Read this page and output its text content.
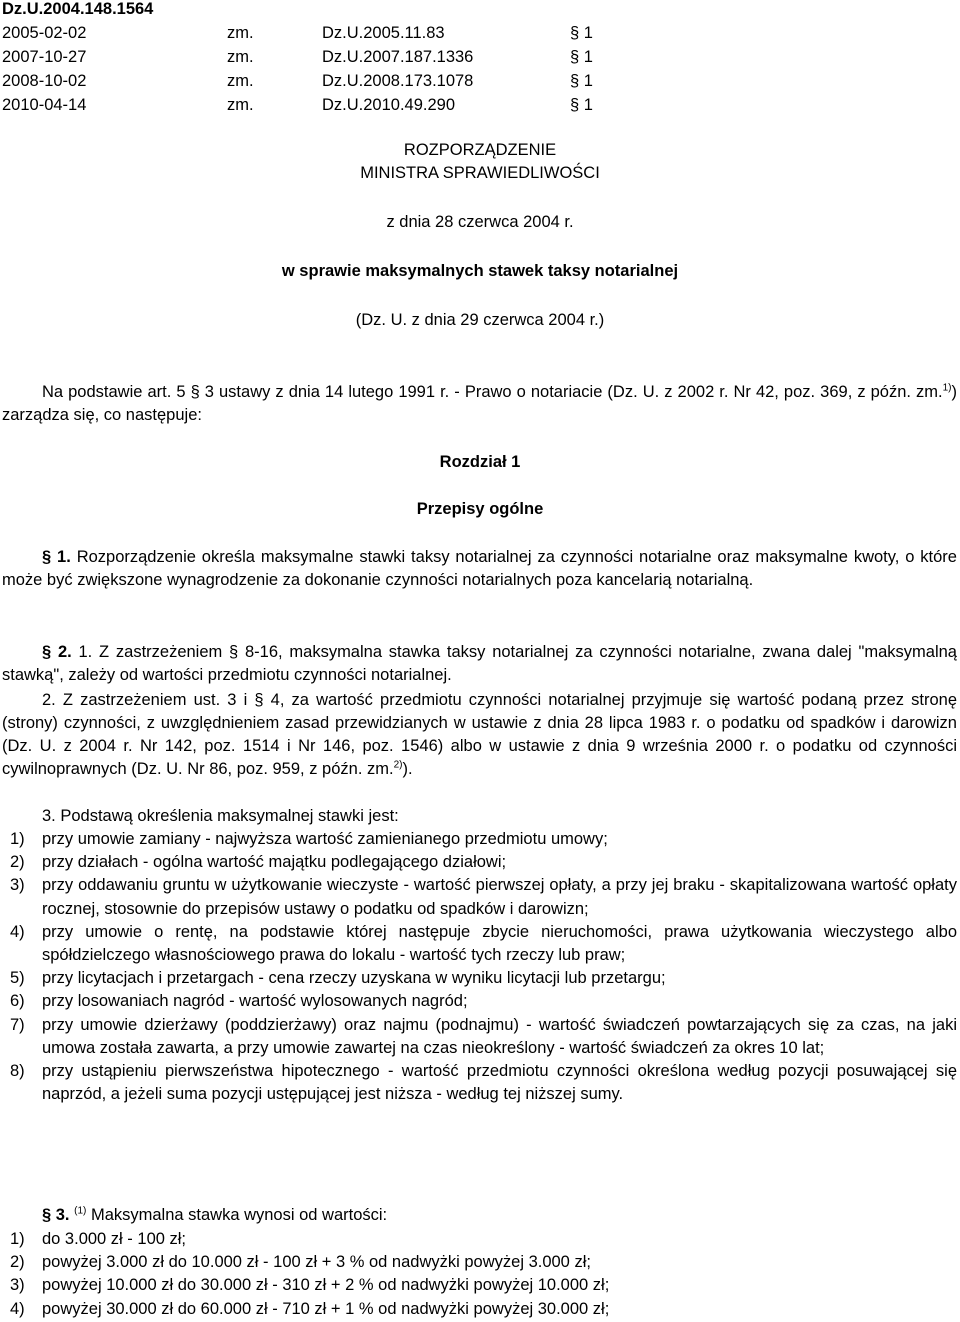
Dz.U.2004.148.1564
2005-02-02	zm.	Dz.U.2005.11.83	§ 1
2007-10-27	zm.	Dz.U.2007.187.1336	§ 1
2008-10-02	zm.	Dz.U.2008.173.1078	§ 1
2010-04-14	zm.	Dz.U.2010.49.290	§ 1
ROZPORZĄDZENIE
MINISTRA SPRAWIEDLIWOŚCI
z dnia 28 czerwca 2004 r.
w sprawie maksymalnych stawek taksy notarialnej
(Dz. U. z dnia 29 czerwca 2004 r.)
Na podstawie art. 5 § 3 ustawy z dnia 14 lutego 1991 r. - Prawo o notariacie (Dz. U. z 2002 r. Nr 42, poz. 369, z późn. zm.$^{1)}$) zarządza się, co następuje:
Rozdział 1
Przepisy ogólne
§ 1. Rozporządzenie określa maksymalne stawki taksy notarialnej za czynności notarialne oraz maksymalne kwoty, o które może być zwiększone wynagrodzenie za dokonanie czynności notarialnych poza kancelarią notarialną.
§ 2. 1. Z zastrzeżeniem § 8-16, maksymalna stawka taksy notarialnej za czynności notarialne, zwana dalej "maksymalną stawką", zależy od wartości przedmiotu czynności notarialnej.
2. Z zastrzeżeniem ust. 3 i § 4, za wartość przedmiotu czynności notarialnej przyjmuje się wartość podaną przez stronę (strony) czynności, z uwzględnieniem zasad przewidzianych w ustawie z dnia 28 lipca 1983 r. o podatku od spadków i darowizn (Dz. U. z 2004 r. Nr 142, poz. 1514 i Nr 146, poz. 1546) albo w ustawie z dnia 9 września 2000 r. o podatku od czynności cywilnoprawnych (Dz. U. Nr 86, poz. 959, z późn. zm.$^{2)}$).
3. Podstawą określenia maksymalnej stawki jest:
1) przy umowie zamiany - najwyższa wartość zamienianego przedmiotu umowy;
2) przy działach - ogólna wartość majątku podlegającego działowi;
3) przy oddawaniu gruntu w użytkowanie wieczyste - wartość pierwszej opłaty, a przy jej braku - skapitalizowana wartość opłaty rocznej, stosownie do przepisów ustawy o podatku od spadków i darowizn;
4) przy umowie o rentę, na podstawie której następuje zbycie nieruchomości, prawa użytkowania wieczystego albo spółdzielczego własnościowego prawa do lokalu - wartość tych rzeczy lub praw;
5) przy licytacjach i przetargach - cena rzeczy uzyskana w wyniku licytacji lub przetargu;
6) przy losowaniach nagród - wartość wylosowanych nagród;
7) przy umowie dzierżawy (poddzierżawy) oraz najmu (podnajmu) - wartość świadczeń powtarzających się za czas, na jaki umowa została zawarta, a przy umowie zawartej na czas nieokreślony - wartość świadczeń za okres 10 lat;
8) przy ustąpieniu pierwszeństwa hipotecznego - wartość przedmiotu czynności określona według pozycji posuwającej się naprzód, a jeżeli suma pozycji ustępującej jest niższa - według tej niższej sumy.
§ 3. $^{(1)}$ Maksymalna stawka wynosi od wartości:
1) do 3.000 zł - 100 zł;
2) powyżej 3.000 zł do 10.000 zł - 100 zł + 3 % od nadwyżki powyżej 3.000 zł;
3) powyżej 10.000 zł do 30.000 zł - 310 zł + 2 % od nadwyżki powyżej 10.000 zł;
4) powyżej 30.000 zł do 60.000 zł - 710 zł + 1 % od nadwyżki powyżej 30.000 zł;
